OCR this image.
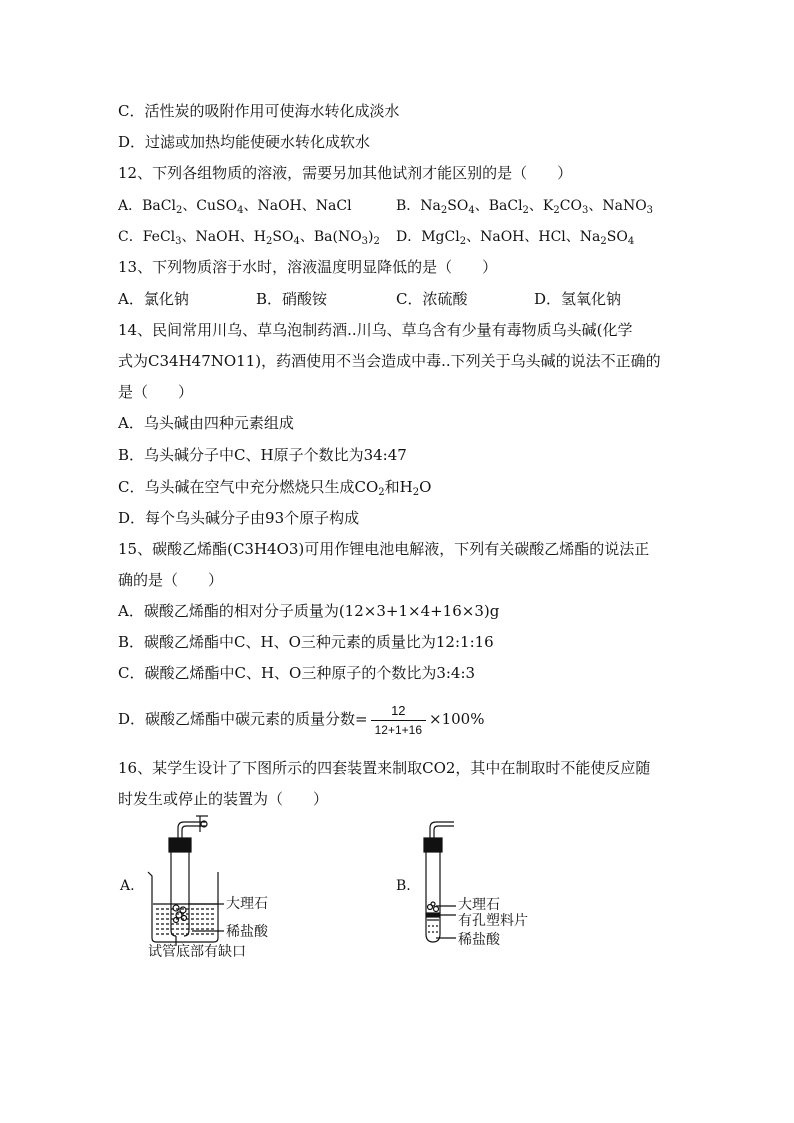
C．活性炭的吸附作用可使海水转化成淡水
D．过滤或加热均能使硬水转化成软水
12、下列各组物质的溶液，需要另加其他试剂才能区别的是（　　）
A．BaCl$_2$、CuSO$_4$、NaOH、NaCl	B．$Na_2SO_4$、BaCl$_2$、$K_2CO_3$、NaNO$_3$
C．FeCl$_3$、NaOH、$H_2SO_4$、$Ba(NO_3)_2$ D．MgCl$_2$、NaOH、HCl、$Na_2SO_4$
13、下列物质溶于水时，溶液温度明显降低的是（　　）
A．氯化钠	B．硝酸铵	C．浓硫酸	D．氢氧化钠
14、民间常用川乌、草乌泡制药酒..川乌、草乌含有少量有毒物质乌头碱(化学
式为C34H47NO11)，药酒使用不当会造成中毒..下列关于乌头碱的说法不正确的
是（　　）
A．乌头碱由四种元素组成
B．乌头碱分子中C、H原子个数比为34:47
C．乌头碱在空气中充分燃烧只生成$CO_2$和$H_2O$
D．每个乌头碱分子由93个原子构成
15、碳酸乙烯酯(C3H4O3)可用作锂电池电解液，下列有关碳酸乙烯酯的说法正
确的是（　　）
A．碳酸乙烯酯的相对分子质量为(12×3+1×4+16×3)g
B．碳酸乙烯酯中C、H、O三种元素的质量比为12:1:16
C．碳酸乙烯酯中C、H、O三种原子的个数比为3:4:3
D．碳酸乙烯酯中碳元素的质量分数= $\frac{12}{12+1+16} \times 100\%$
16、某学生设计了下图所示的四套装置来制取CO2，其中在制取时不能使反应随
时发生或停止的装置为（　　）
A.
大理石
稀盐酸
试管底部有缺口
B.
大理石
有孔塑料片
稀盐酸
